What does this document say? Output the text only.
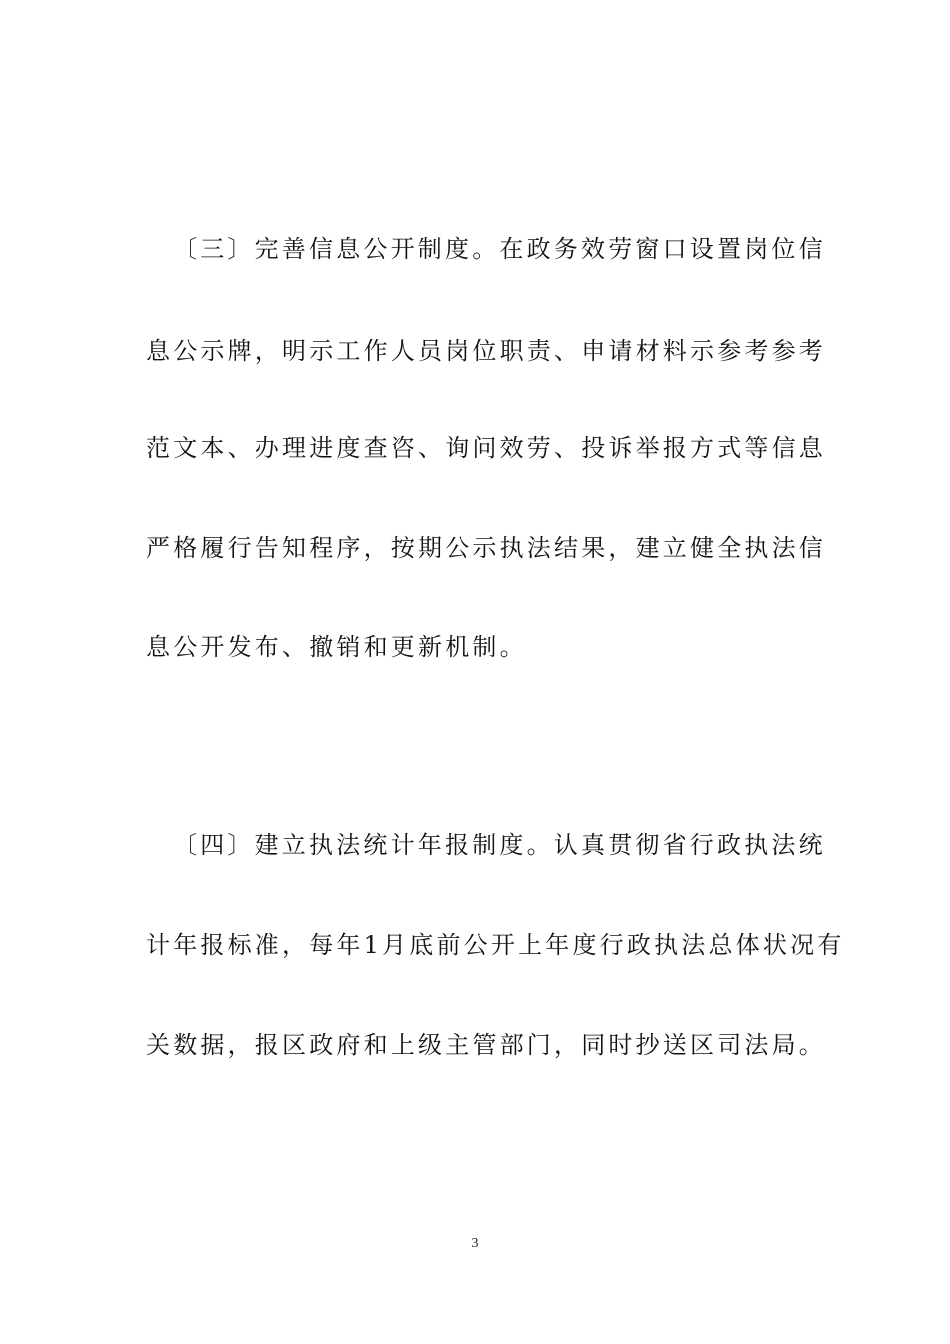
〔三〕完善信息公开制度。在政务效劳窗口设置岗位信
息公示牌，明示工作人员岗位职责、申请材料示参考参考
范文本、办理进度查咨、询问效劳、投诉举报方式等信息
严格履行告知程序，按期公示执法结果，建立健全执法信
息公开发布、撤销和更新机制。
〔四〕建立执法统计年报制度。认真贯彻省行政执法统
计年报标准，每年1月底前公开上年度行政执法总体状况有
关数据，报区政府和上级主管部门，同时抄送区司法局。
3
